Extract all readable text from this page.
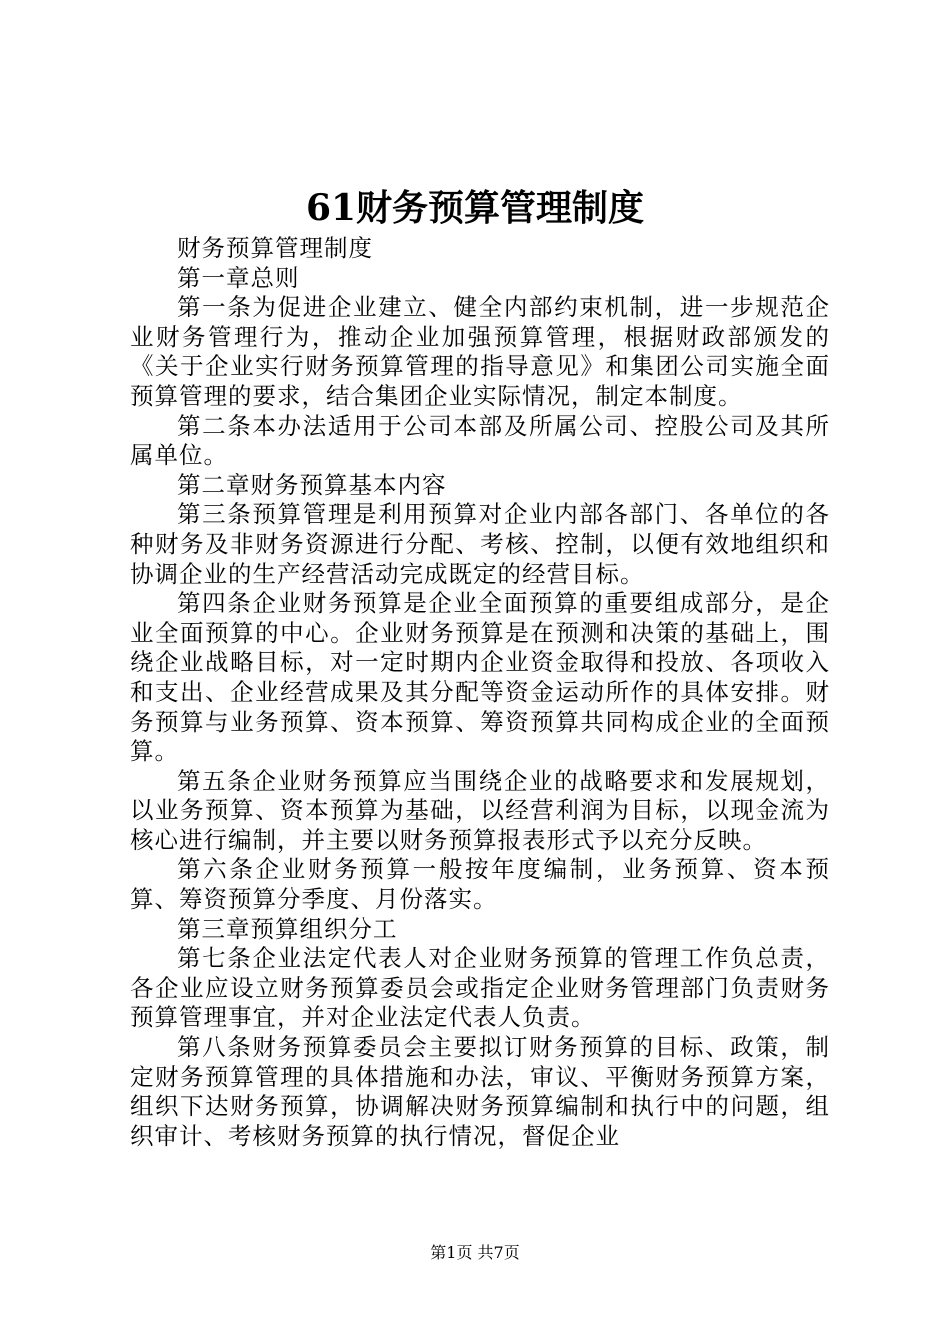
61财务预算管理制度

财务预算管理制度

第一章总则

第一条为促进企业建立、健全内部约束机制，进一步规范企业财务管理行为，推动企业加强预算管理，根据财政部颁发的《关于企业实行财务预算管理的指导意见》和集团公司实施全面预算管理的要求，结合集团企业实际情况，制定本制度。

第二条本办法适用于公司本部及所属公司、控股公司及其所属单位。

第二章财务预算基本内容

第三条预算管理是利用预算对企业内部各部门、各单位的各种财务及非财务资源进行分配、考核、控制，以便有效地组织和协调企业的生产经营活动完成既定的经营目标。

第四条企业财务预算是企业全面预算的重要组成部分，是企业全面预算的中心。企业财务预算是在预测和决策的基础上，围绕企业战略目标，对一定时期内企业资金取得和投放、各项收入和支出、企业经营成果及其分配等资金运动所作的具体安排。财务预算与业务预算、资本预算、筹资预算共同构成企业的全面预算。

第五条企业财务预算应当围绕企业的战略要求和发展规划，以业务预算、资本预算为基础，以经营利润为目标，以现金流为核心进行编制，并主要以财务预算报表形式予以充分反映。

第六条企业财务预算一般按年度编制，业务预算、资本预算、筹资预算分季度、月份落实。

第三章预算组织分工

第七条企业法定代表人对企业财务预算的管理工作负总责，各企业应设立财务预算委员会或指定企业财务管理部门负责财务预算管理事宜，并对企业法定代表人负责。

第八条财务预算委员会主要拟订财务预算的目标、政策，制定财务预算管理的具体措施和办法，审议、平衡财务预算方案，组织下达财务预算，协调解决财务预算编制和执行中的问题，组织审计、考核财务预算的执行情况，督促企业

第1页 共7页
